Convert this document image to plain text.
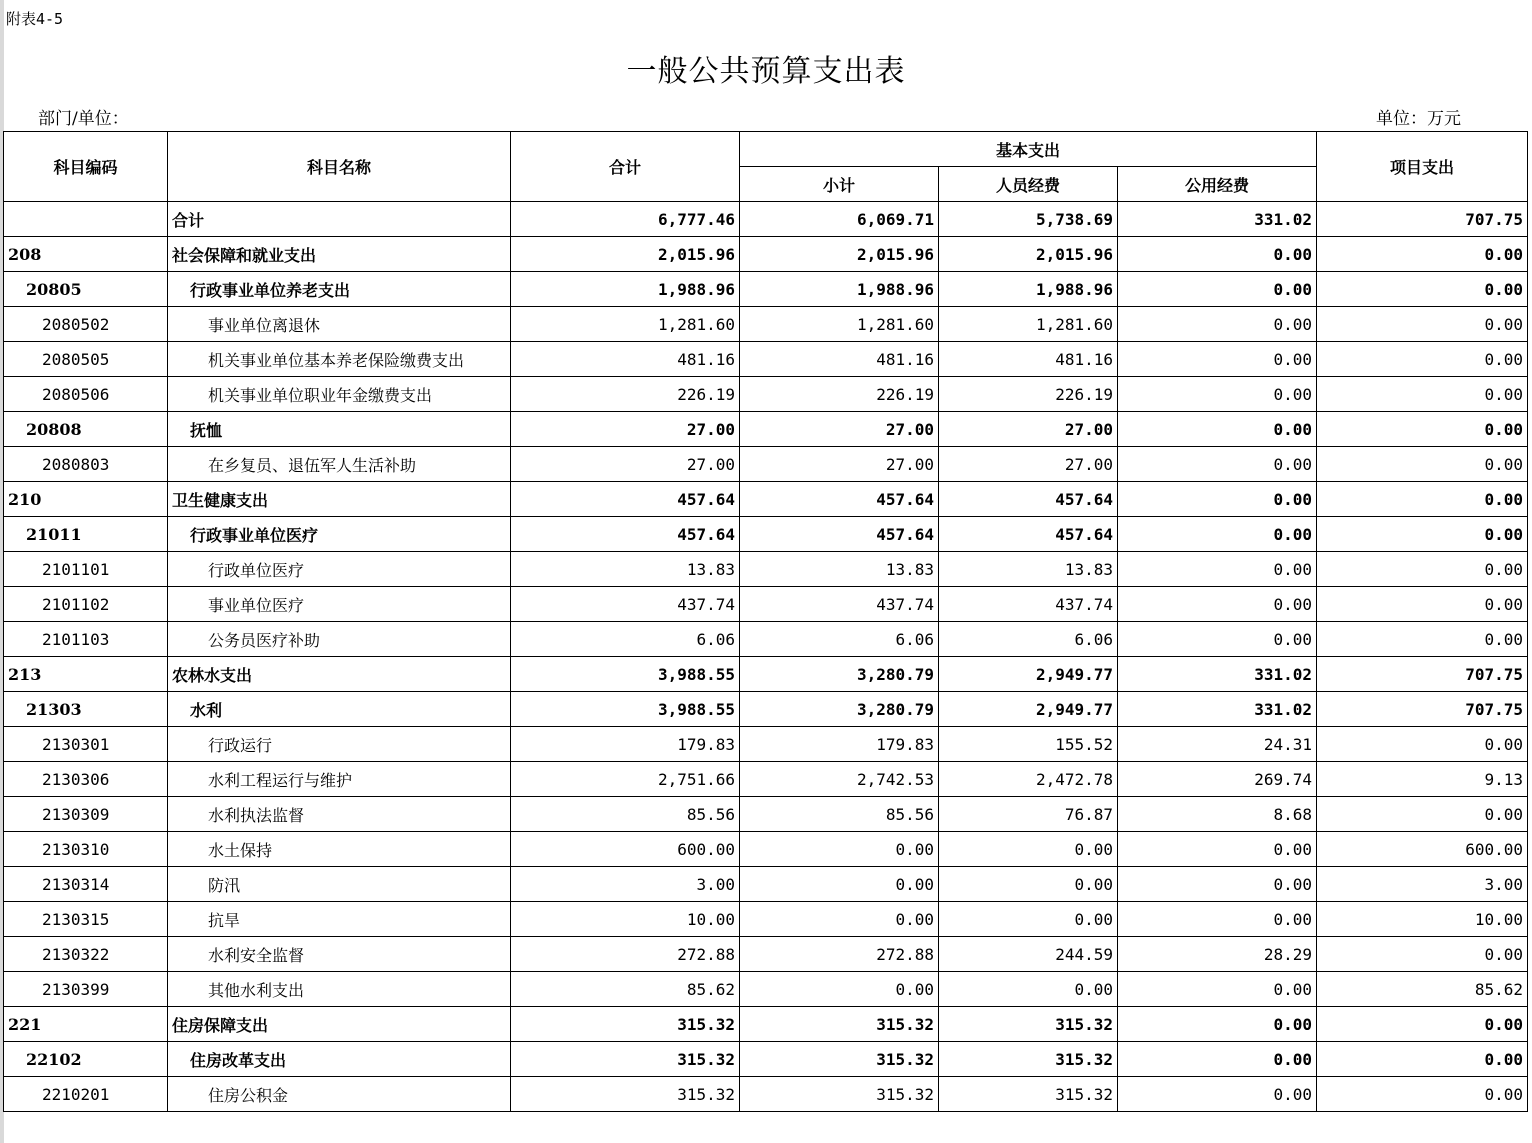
附表4-5
一般公共预算支出表
部门/单位：	单位：万元
科目编码	科目名称	合计	基本支出			项目支出
			小计	人员经费	公用经费	
	合计	6,777.46	6,069.71	5,738.69	331.02	707.75
208	社会保障和就业支出	2,015.96	2,015.96	2,015.96	0.00	0.00
20805	行政事业单位养老支出	1,988.96	1,988.96	1,988.96	0.00	0.00
2080502	事业单位离退休	1,281.60	1,281.60	1,281.60	0.00	0.00
2080505	机关事业单位基本养老保险缴费支出	481.16	481.16	481.16	0.00	0.00
2080506	机关事业单位职业年金缴费支出	226.19	226.19	226.19	0.00	0.00
20808	抚恤	27.00	27.00	27.00	0.00	0.00
2080803	在乡复员、退伍军人生活补助	27.00	27.00	27.00	0.00	0.00
210	卫生健康支出	457.64	457.64	457.64	0.00	0.00
21011	行政事业单位医疗	457.64	457.64	457.64	0.00	0.00
2101101	行政单位医疗	13.83	13.83	13.83	0.00	0.00
2101102	事业单位医疗	437.74	437.74	437.74	0.00	0.00
2101103	公务员医疗补助	6.06	6.06	6.06	0.00	0.00
213	农林水支出	3,988.55	3,280.79	2,949.77	331.02	707.75
21303	水利	3,988.55	3,280.79	2,949.77	331.02	707.75
2130301	行政运行	179.83	179.83	155.52	24.31	0.00
2130306	水利工程运行与维护	2,751.66	2,742.53	2,472.78	269.74	9.13
2130309	水利执法监督	85.56	85.56	76.87	8.68	0.00
2130310	水土保持	600.00	0.00	0.00	0.00	600.00
2130314	防汛	3.00	0.00	0.00	0.00	3.00
2130315	抗旱	10.00	0.00	0.00	0.00	10.00
2130322	水利安全监督	272.88	272.88	244.59	28.29	0.00
2130399	其他水利支出	85.62	0.00	0.00	0.00	85.62
221	住房保障支出	315.32	315.32	315.32	0.00	0.00
22102	住房改革支出	315.32	315.32	315.32	0.00	0.00
2210201	住房公积金	315.32	315.32	315.32	0.00	0.00
